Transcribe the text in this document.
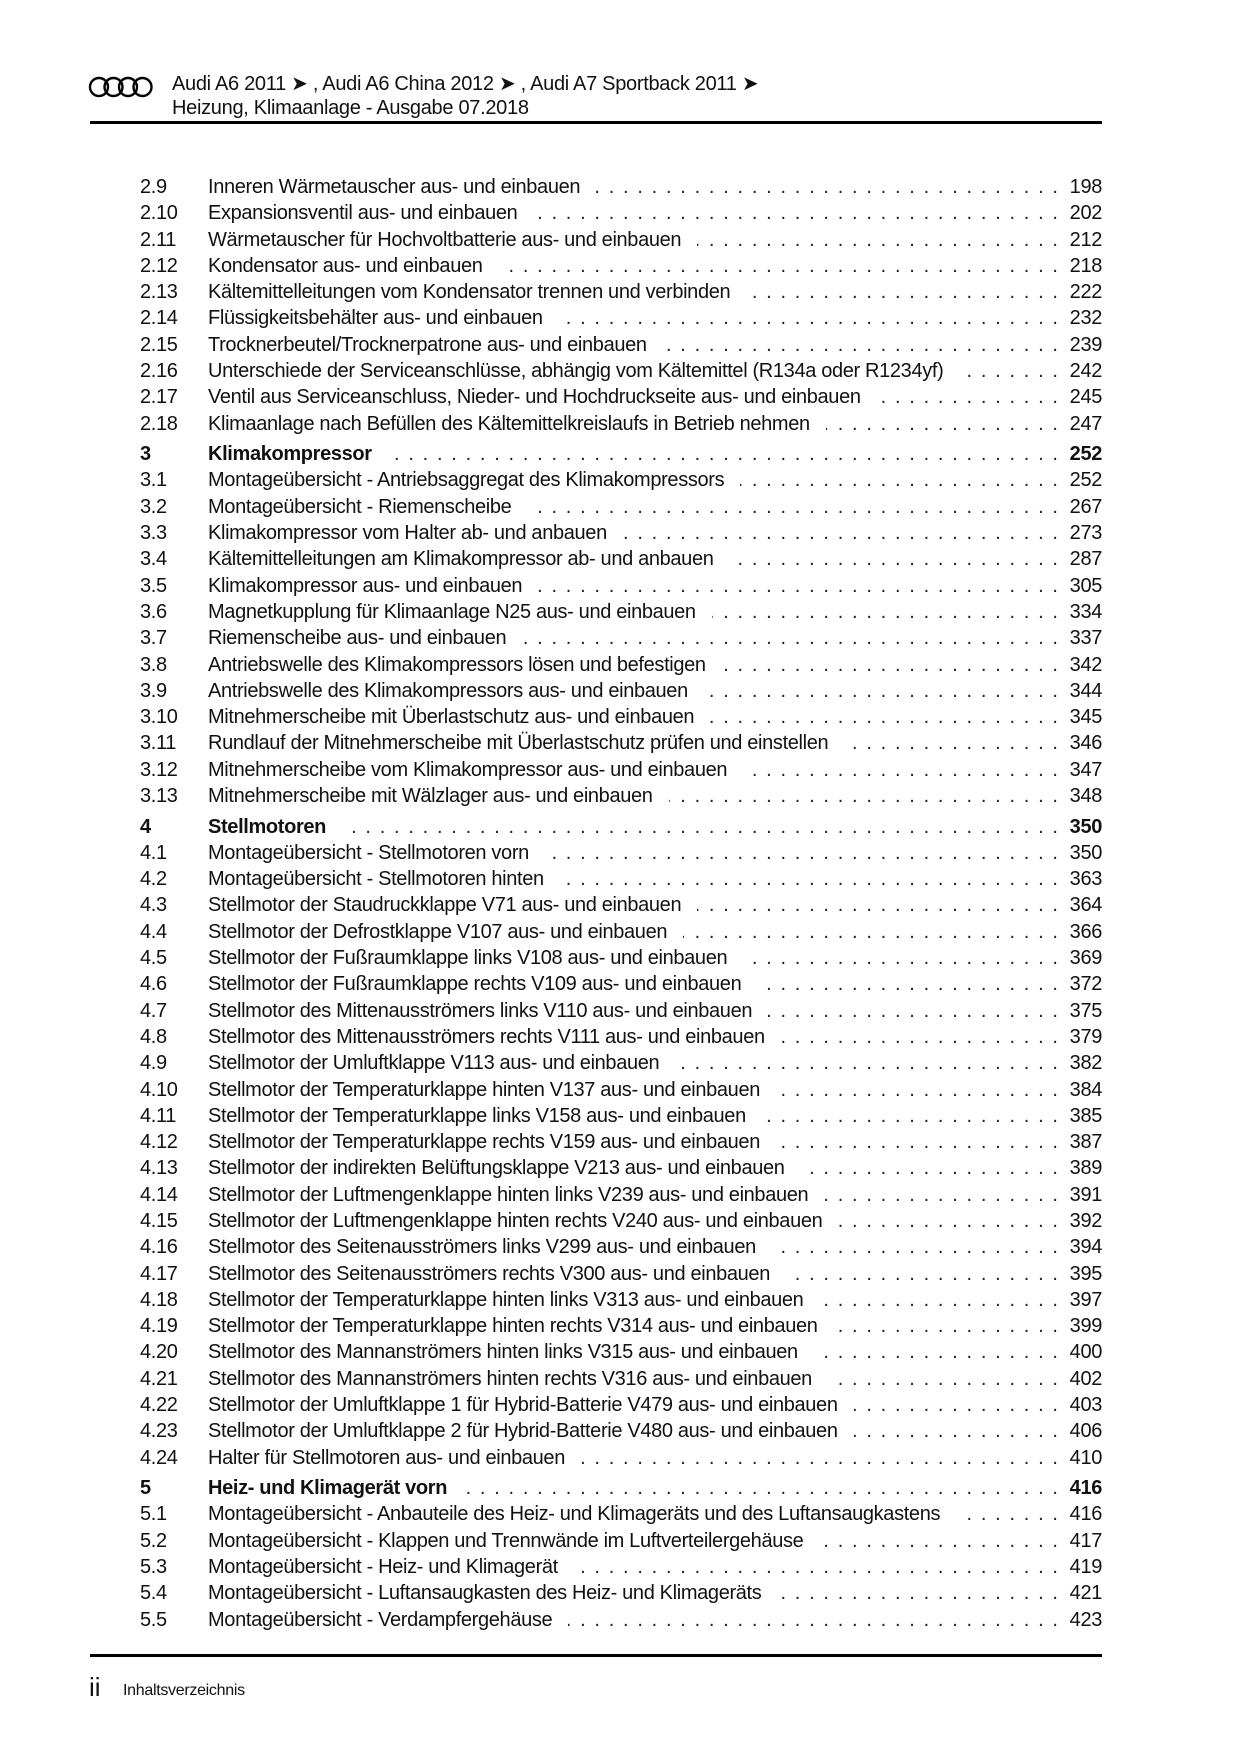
Audi A6 2011 ➤ , Audi A6 China 2012 ➤ , Audi A7 Sportback 2011 ➤
Heizung, Klimaanlage - Ausgabe 07.2018
2.9	Inneren Wärmetauscher aus- und einbauen . . .	198
2.10	Expansionsventil aus- und einbauen . . .	202
2.11	Wärmetauscher für Hochvoltbatterie aus- und einbauen . . .	212
2.12	Kondensator aus- und einbauen . . .	218
2.13	Kältemittelleitungen vom Kondensator trennen und verbinden . . .	222
2.14	Flüssigkeitsbehälter aus- und einbauen . . .	232
2.15	Trocknerbeutel/Trocknerpatrone aus- und einbauen . . .	239
2.16	Unterschiede der Serviceanschlüsse, abhängig vom Kältemittel (R134a oder R1234yf) . . .	242
2.17	Ventil aus Serviceanschluss, Nieder- und Hochdruckseite aus- und einbauen . . .	245
2.18	Klimaanlage nach Befüllen des Kältemittelkreislaufs in Betrieb nehmen . . .	247
3	Klimakompressor . . .	252
3.1	Montageübersicht - Antriebsaggregat des Klimakompressors . . .	252
3.2	Montageübersicht - Riemenscheibe . . .	267
3.3	Klimakompressor vom Halter ab- und anbauen . . .	273
3.4	Kältemittelleitungen am Klimakompressor ab- und anbauen . . .	287
3.5	Klimakompressor aus- und einbauen . . .	305
3.6	Magnetkupplung für Klimaanlage N25 aus- und einbauen . . .	334
3.7	Riemenscheibe aus- und einbauen . . .	337
3.8	Antriebswelle des Klimakompressors lösen und befestigen . . .	342
3.9	Antriebswelle des Klimakompressors aus- und einbauen . . .	344
3.10	Mitnehmerscheibe mit Überlastschutz aus- und einbauen . . .	345
3.11	Rundlauf der Mitnehmerscheibe mit Überlastschutz prüfen und einstellen . . .	346
3.12	Mitnehmerscheibe vom Klimakompressor aus- und einbauen . . .	347
3.13	Mitnehmerscheibe mit Wälzlager aus- und einbauen . . .	348
4	Stellmotoren . . .	350
4.1	Montageübersicht - Stellmotoren vorn . . .	350
4.2	Montageübersicht - Stellmotoren hinten . . .	363
4.3	Stellmotor der Staudruckklappe V71 aus- und einbauen . . .	364
4.4	Stellmotor der Defrostklappe V107 aus- und einbauen . . .	366
4.5	Stellmotor der Fußraumklappe links V108 aus- und einbauen . . .	369
4.6	Stellmotor der Fußraumklappe rechts V109 aus- und einbauen . . .	372
4.7	Stellmotor des Mittenausströmers links V110 aus- und einbauen . . .	375
4.8	Stellmotor des Mittenausströmers rechts V111 aus- und einbauen . . .	379
4.9	Stellmotor der Umluftklappe V113 aus- und einbauen . . .	382
4.10	Stellmotor der Temperaturklappe hinten V137 aus- und einbauen . . .	384
4.11	Stellmotor der Temperaturklappe links V158 aus- und einbauen . . .	385
4.12	Stellmotor der Temperaturklappe rechts V159 aus- und einbauen . . .	387
4.13	Stellmotor der indirekten Belüftungsklappe V213 aus- und einbauen . . .	389
4.14	Stellmotor der Luftmengenklappe hinten links V239 aus- und einbauen . . .	391
4.15	Stellmotor der Luftmengenklappe hinten rechts V240 aus- und einbauen . . .	392
4.16	Stellmotor des Seitenausströmers links V299 aus- und einbauen . . .	394
4.17	Stellmotor des Seitenausströmers rechts V300 aus- und einbauen . . .	395
4.18	Stellmotor der Temperaturklappe hinten links V313 aus- und einbauen . . .	397
4.19	Stellmotor der Temperaturklappe hinten rechts V314 aus- und einbauen . . .	399
4.20	Stellmotor des Mannanströmers hinten links V315 aus- und einbauen . . .	400
4.21	Stellmotor des Mannanströmers hinten rechts V316 aus- und einbauen . . .	402
4.22	Stellmotor der Umluftklappe 1 für Hybrid-Batterie V479 aus- und einbauen . . .	403
4.23	Stellmotor der Umluftklappe 2 für Hybrid-Batterie V480 aus- und einbauen . . .	406
4.24	Halter für Stellmotoren aus- und einbauen . . .	410
5	Heiz- und Klimagerät vorn . . .	416
5.1	Montageübersicht - Anbauteile des Heiz- und Klimageräts und des Luftansaugkastens . . .	416
5.2	Montageübersicht - Klappen und Trennwände im Luftverteilergehäuse . . .	417
5.3	Montageübersicht - Heiz- und Klimagerät . . .	419
5.4	Montageübersicht - Luftansaugkasten des Heiz- und Klimageräts . . .	421
5.5	Montageübersicht - Verdampfergehäuse . . .	423
ii Inhaltsverzeichnis
